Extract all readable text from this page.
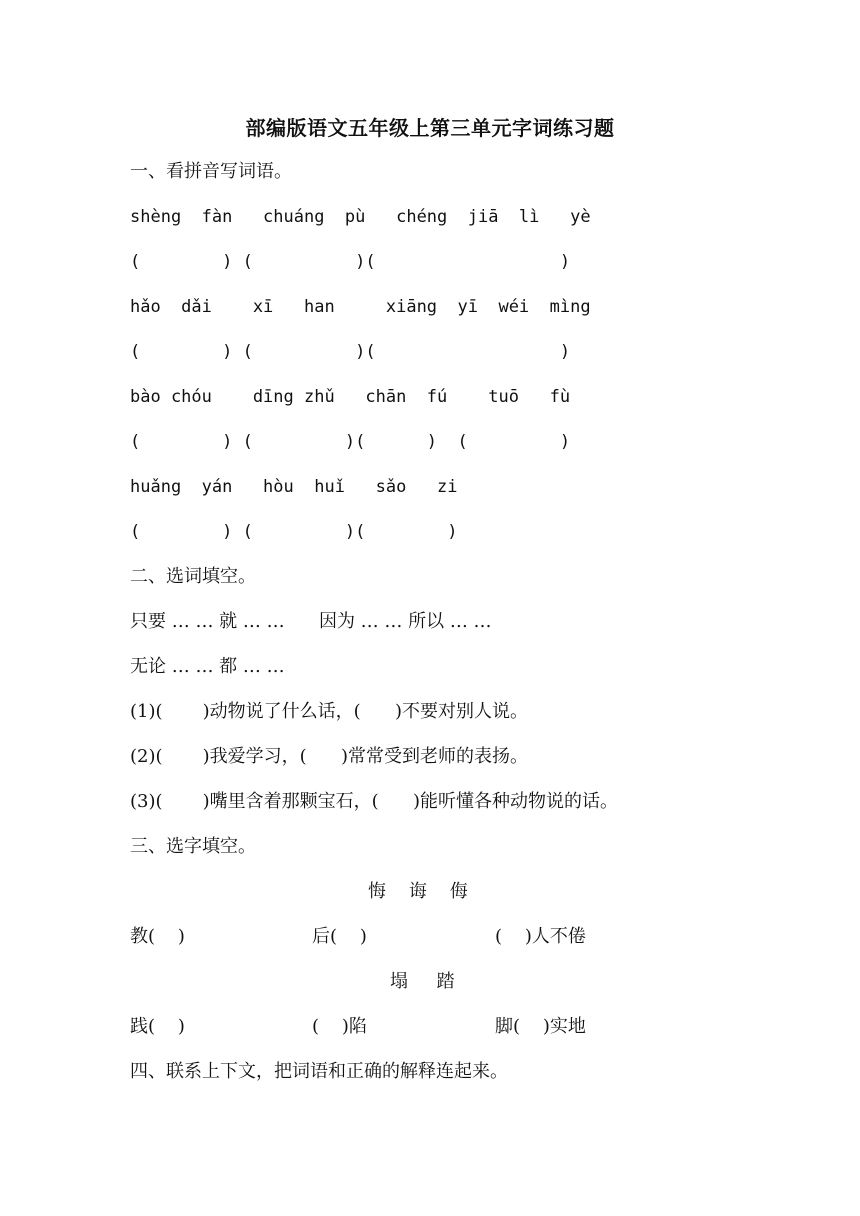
部编版语文五年级上第三单元字词练习题
一、看拼音写词语。
shèng  fàn   chuáng  pù   chéng  jiā  lì   yè
(        ) (          )(                  )
hǎo  dǎi    xī   han     xiāng  yī  wéi  mìng
(        ) (          )(                  )
bào chóu    dīng zhǔ   chān  fú    tuō   fù
(        ) (         )(      )  (         )
huǎng  yán   hòu  huǐ   sǎo   zi
(        ) (         )(        )
二、选词填空。
只要 … … 就 … …      因为 … … 所以 … …
无论 … … 都 … …
(1)(       )动物说了什么话，(      )不要对别人说。
(2)(       )我爱学习，(      )常常受到老师的表扬。
(3)(       )嘴里含着那颗宝石，(      )能听懂各种动物说的话。
三、选字填空。
悔    诲    侮
教(    )	后(    )	(    )人不倦
塌     踏
践(    )	(    )陷	脚(    )实地
四、联系上下文，把词语和正确的解释连起来。
